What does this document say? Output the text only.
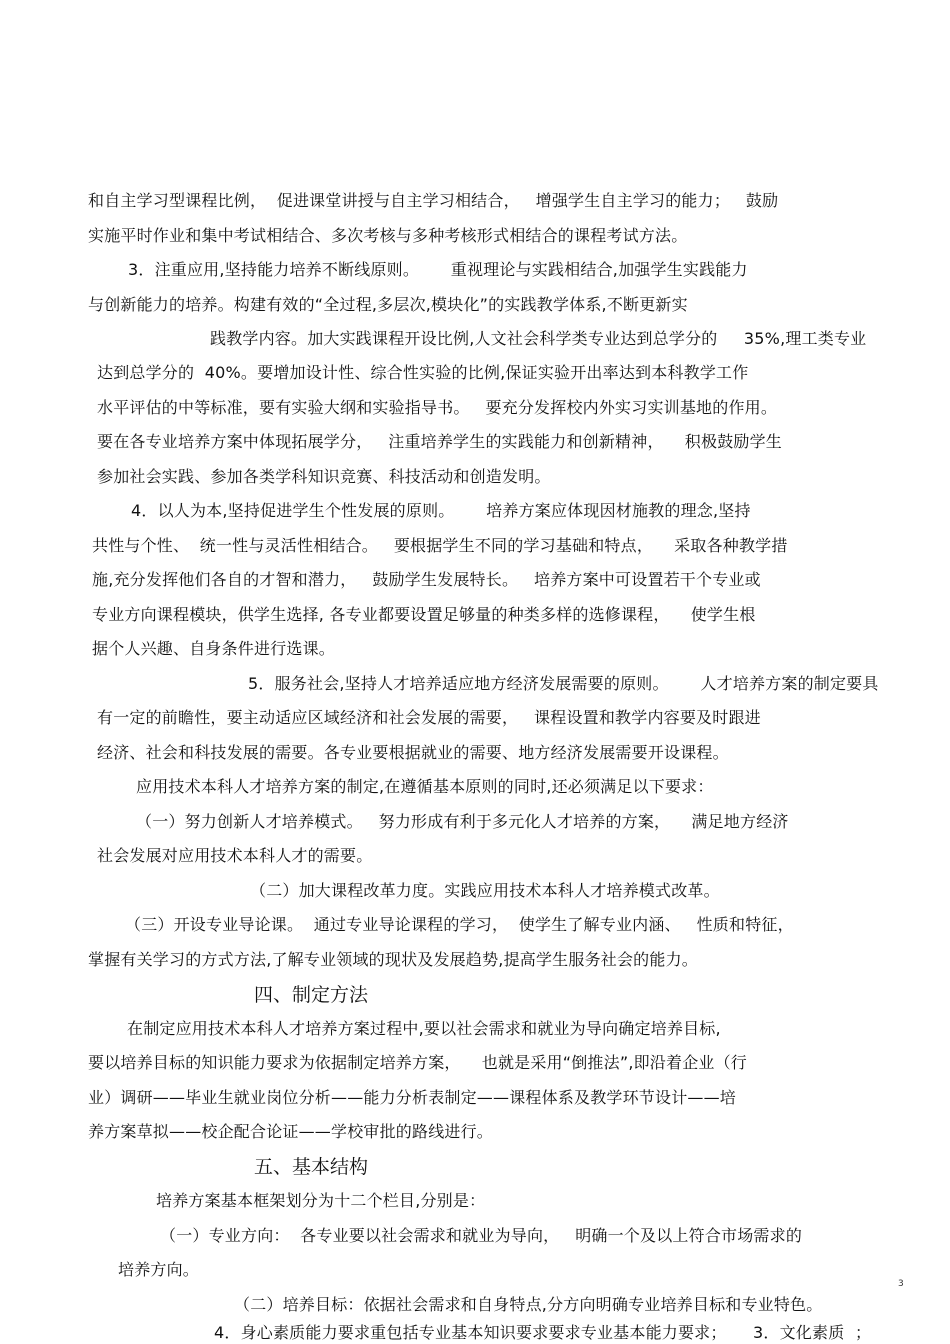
和自主学习型课程比例，  促进课堂讲授与自主学习相结合，   增强学生自主学习的能力；   鼓励
实施平时作业和集中考试相结合、多次考核与多种考核形式相结合的课程考试方法。
3．注重应用,坚持能力培养不断线原则。      重视理论与实践相结合,加强学生实践能力
与创新能力的培养。构建有效的“全过程,多层次,模块化”的实践教学体系,不断更新实
践教学内容。加大实践课程开设比例,人文社会科学类专业达到总学分的     35%,理工类专业
达到总学分的  40%。要增加设计性、综合性实验的比例,保证实验开出率达到本科教学工作
水平评估的中等标准，要有实验大纲和实验指导书。   要充分发挥校内外实习实训基地的作用。
要在各专业培养方案中体现拓展学分，   注重培养学生的实践能力和创新精神，    积极鼓励学生
参加社会实践、参加各类学科知识竞赛、科技活动和创造发明。
4．以人为本,坚持促进学生个性发展的原则。      培养方案应体现因材施教的理念,坚持
共性与个性、  统一性与灵活性相结合。   要根据学生不同的学习基础和特点，    采取各种教学措
施,充分发挥他们各自的才智和潜力，   鼓励学生发展特长。   培养方案中可设置若干个专业或
专业方向课程模块，供学生选择, 各专业都要设置足够量的种类多样的选修课程，    使学生根
据个人兴趣、自身条件进行选课。
5．服务社会,坚持人才培养适应地方经济发展需要的原则。      人才培养方案的制定要具
有一定的前瞻性，要主动适应区域经济和社会发展的需要，   课程设置和教学内容要及时跟进
经济、社会和科技发展的需要。各专业要根据就业的需要、地方经济发展需要开设课程。
应用技术本科人才培养方案的制定,在遵循基本原则的同时,还必须满足以下要求：
（一）努力创新人才培养模式。   努力形成有利于多元化人才培养的方案，    满足地方经济
社会发展对应用技术本科人才的需要。
（二）加大课程改革力度。实践应用技术本科人才培养模式改革。
（三）开设专业导论课。  通过专业导论课程的学习，  使学生了解专业内涵、   性质和特征，
掌握有关学习的方式方法,了解专业领域的现状及发展趋势,提高学生服务社会的能力。
四、制定方法
在制定应用技术本科人才培养方案过程中,要以社会需求和就业为导向确定培养目标,
要以培养目标的知识能力要求为依据制定培养方案，    也就是采用“倒推法”,即沿着企业（行
业）调研——毕业生就业岗位分析——能力分析表制定——课程体系及教学环节设计——培
养方案草拟——校企配合论证——学校审批的路线进行。
五、基本结构
培养方案基本框架划分为十二个栏目,分别是：
（一）专业方向：  各专业要以社会需求和就业为导向，   明确一个及以上符合市场需求的
培养方向。
（二）培养目标：依据社会需求和自身特点,分方向明确专业培养目标和专业特色。
3
4．身心素质能力要求重包括专业基本知识要求要求专业基本能力要求；     3．文化素质  ；
